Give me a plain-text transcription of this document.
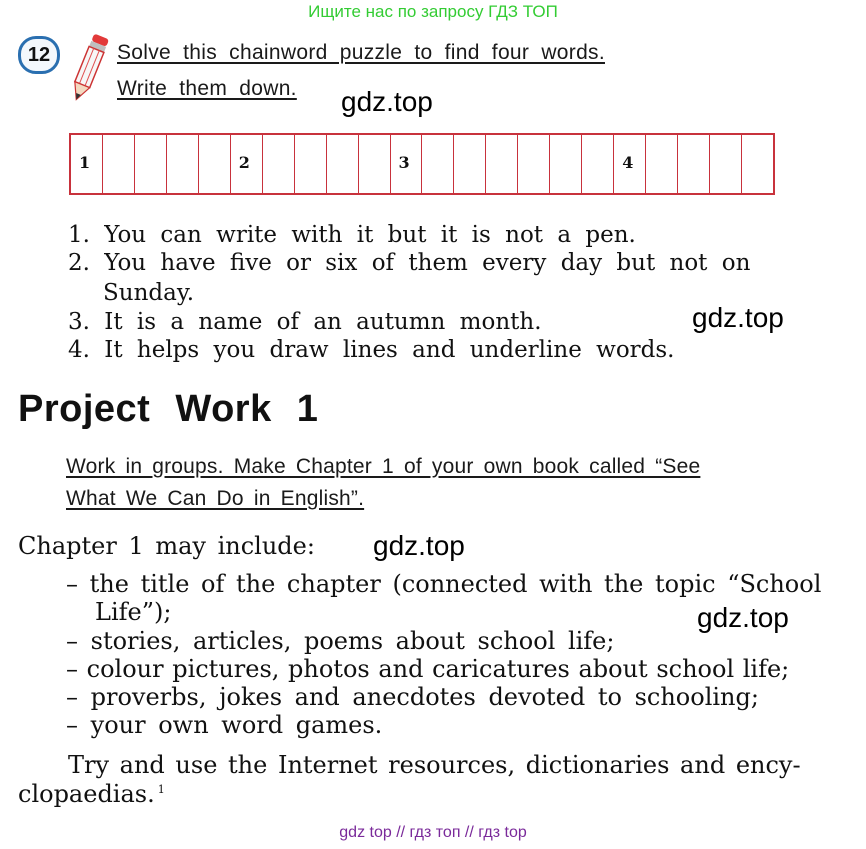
Ищите нас по запросу ГДЗ ТОП
12	Solve this chainword puzzle to find four words.
Write them down. gdz.top
1	2	3	4
1. You can write with it but it is not a pen.
2. You have five or six of them every day but not on
Sunday.
3. It is a name of an autumn month.
4. It helps you draw lines and underline words.
gdz.top
Project Work 1
Work in groups. Make Chapter 1 of your own book called “See
What We Can Do in English”.
Chapter 1 may include: gdz.top
– the title of the chapter (connected with the topic “School
Life”);	gdz.top
– stories, articles, poems about school life;
– colour pictures, photos and caricatures about school life;
– proverbs, jokes and anecdotes devoted to schooling;
– your own word games.
Try and use the Internet resources, dictionaries and ency-
clopaedias. $^1$
gdz top // гдз топ // гдз top
